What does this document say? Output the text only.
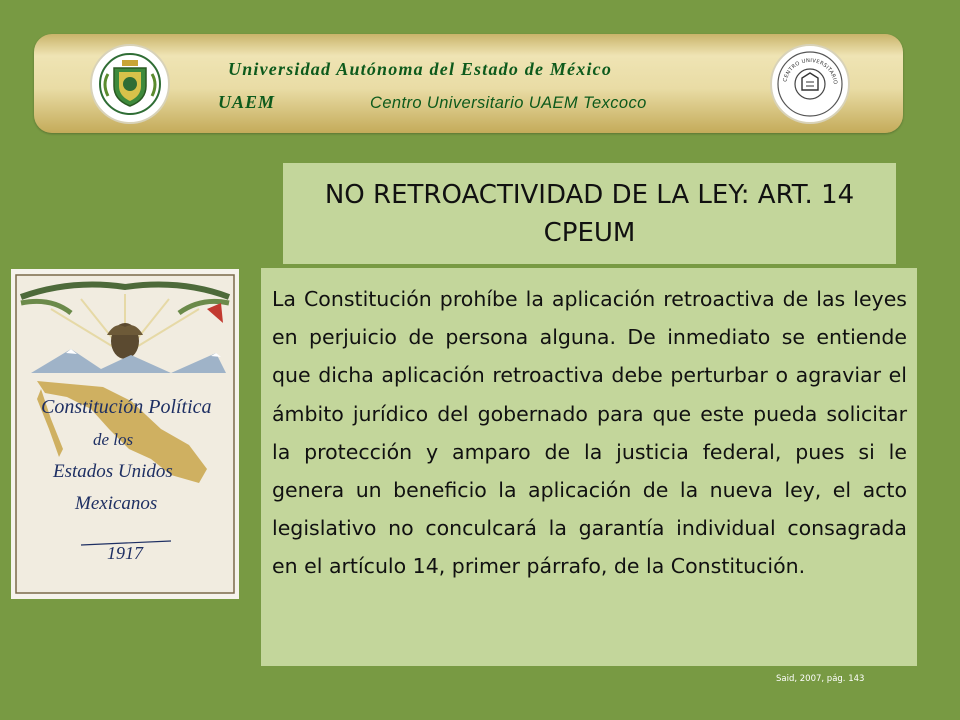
Universidad Autónoma del Estado de México
UAEM	Centro Universitario UAEM Texcoco
CENTRO UNIVERSITARIO
NO RETROACTIVIDAD DE LA LEY: ART. 14 CPEUM
Constitución Política
de los
Estados Unidos
Mexicanos
1917

La Constitución prohíbe la aplicación retroactiva de las leyes en perjuicio de persona alguna. De inmediato se entiende que dicha aplicación retroactiva debe perturbar o agraviar el ámbito jurídico del gobernado para que este pueda solicitar la protección y amparo de la justicia federal, pues si le genera un beneficio la aplicación de la nueva ley, el acto legislativo no conculcará la garantía individual consagrada en el artículo 14, primer párrafo, de la Constitución.

Said, 2007, pág. 143
